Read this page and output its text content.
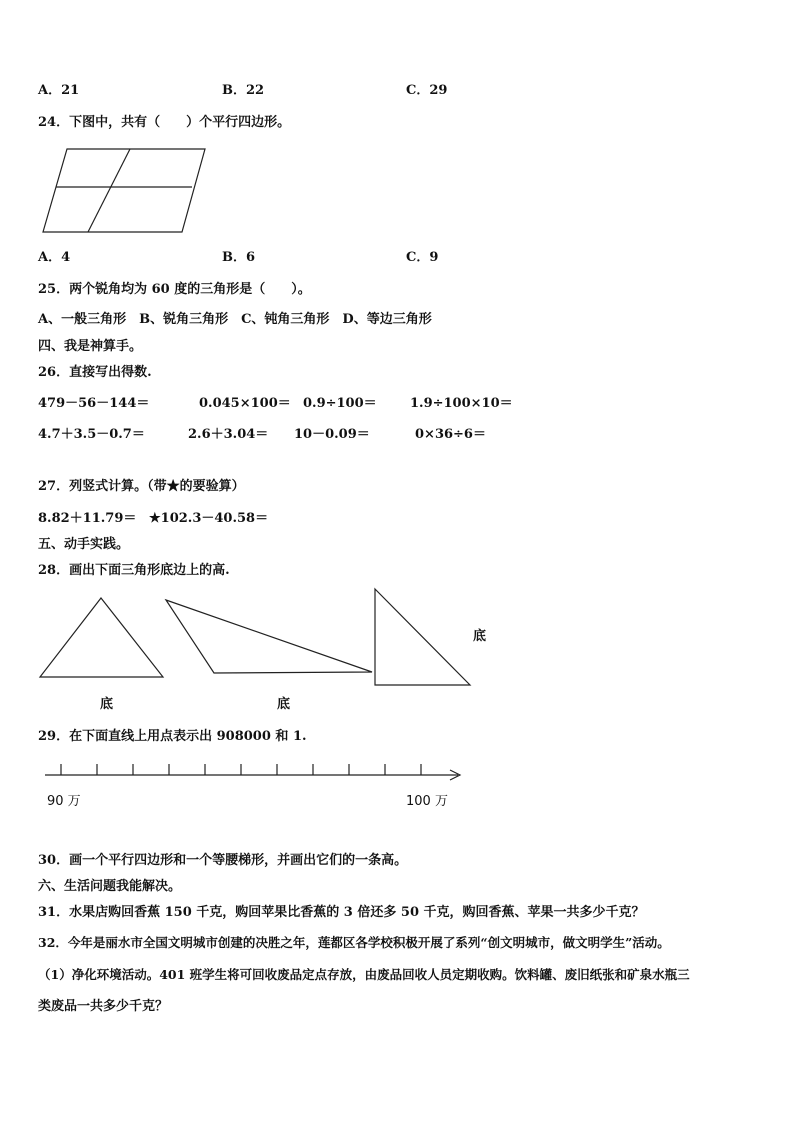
A．21	B．22	C．29
24．下图中，共有（　　）个平行四边形。
A．4	B．6	C．9
25．两个锐角均为 60 度的三角形是（　　）。
A、一般三角形　B、锐角三角形　C、钝角三角形　D、等边三角形
四、我是神算手。
26．直接写出得数.
479－56－144＝	0.045×100＝ 0.9÷100＝	1.9÷100×10＝
4.7＋3.5－0.7＝	2.6＋3.04＝ 10－0.09＝	0×36÷6＝
27．列竖式计算。（带★的要验算）
8.82＋11.79＝ ★102.3－40.58＝
五、动手实践。
28．画出下面三角形底边上的高.
底	底
底
29．在下面直线上用点表示出 908000 和 1.
90 万	100 万
30．画一个平行四边形和一个等腰梯形，并画出它们的一条高。
六、生活问题我能解决。
31．水果店购回香蕉 150 千克，购回苹果比香蕉的 3 倍还多 50 千克，购回香蕉、苹果一共多少千克？
32．今年是丽水市全国文明城市创建的决胜之年，莲都区各学校积极开展了系列“创文明城市，做文明学生”活动。
（1）净化环境活动。401 班学生将可回收废品定点存放，由废品回收人员定期收购。饮料罐、废旧纸张和矿泉水瓶三
类废品一共多少千克？
